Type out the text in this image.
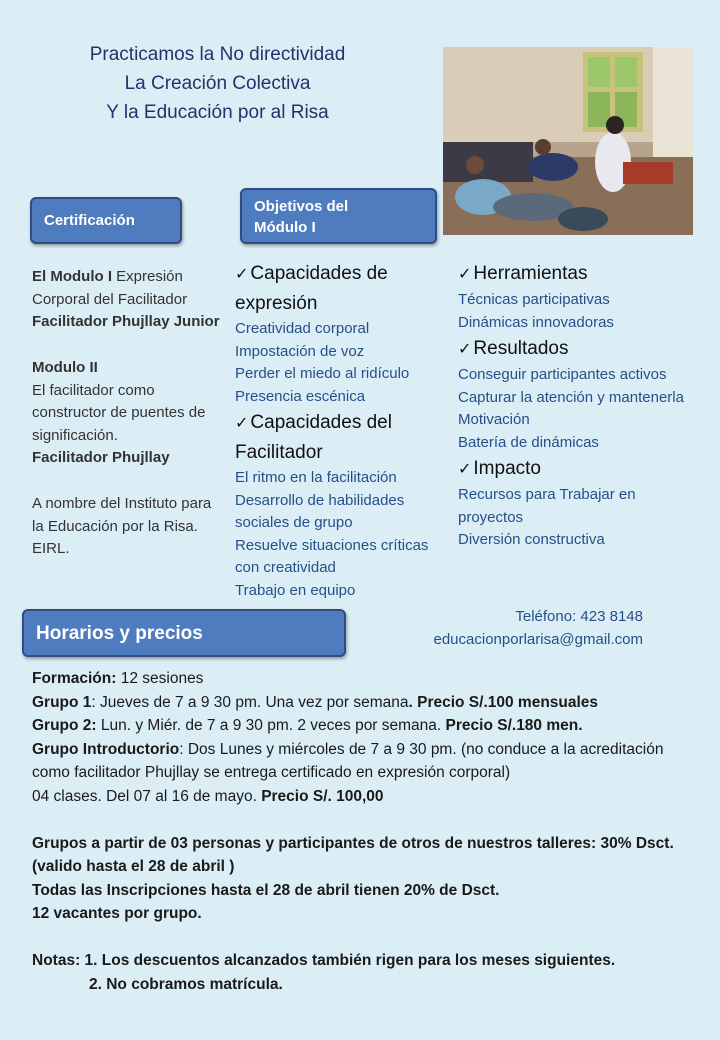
Practicamos la No directividad
La Creación Colectiva
Y la Educación por al Risa
Certificación
Objetivos del
Módulo I
El Modulo I Expresión Corporal del Facilitador
Facilitador Phujllay Junior
Modulo II
El facilitador como constructor de puentes de significación.
Facilitador Phujllay
A nombre del Instituto para la Educación por la Risa. EIRL.
✓ Capacidades de expresión
Creatividad corporal
Impostación de voz
Perder el miedo al ridículo
Presencia escénica
✓ Capacidades del Facilitador
El ritmo en la facilitación
Desarrollo de habilidades sociales de grupo
Resuelve situaciones críticas con creatividad
Trabajo en equipo
✓ Herramientas
Técnicas participativas
Dinámicas innovadoras
✓ Resultados
Conseguir participantes activos
Capturar la atención y mantenerla
Motivación
Batería de dinámicas
✓ Impacto
Recursos para Trabajar en proyectos
Diversión constructiva
Teléfono: 423 8148
educacionporlarisa@gmail.com
Horarios y precios
Formación: 12 sesiones
Grupo 1: Jueves de 7 a 9 30 pm. Una vez por semana. Precio S/.100 mensuales
Grupo 2: Lun. y Miér. de 7 a 9 30 pm. 2 veces por semana. Precio S/.180 men.
Grupo Introductorio: Dos Lunes y miércoles de 7 a 9 30 pm. (no conduce a la acreditación como facilitador Phujllay se entrega certificado en expresión corporal)
04 clases. Del 07 al 16 de mayo. Precio S/. 100,00
Grupos a partir de 03 personas y participantes de otros de nuestros talleres: 30% Dsct. (valido hasta el 28 de abril )
Todas las Inscripciones hasta el 28 de abril tienen 20% de Dsct.
12 vacantes por grupo.
Notas: 1. Los descuentos alcanzados también rigen para los meses siguientes.
2. No cobramos matrícula.
